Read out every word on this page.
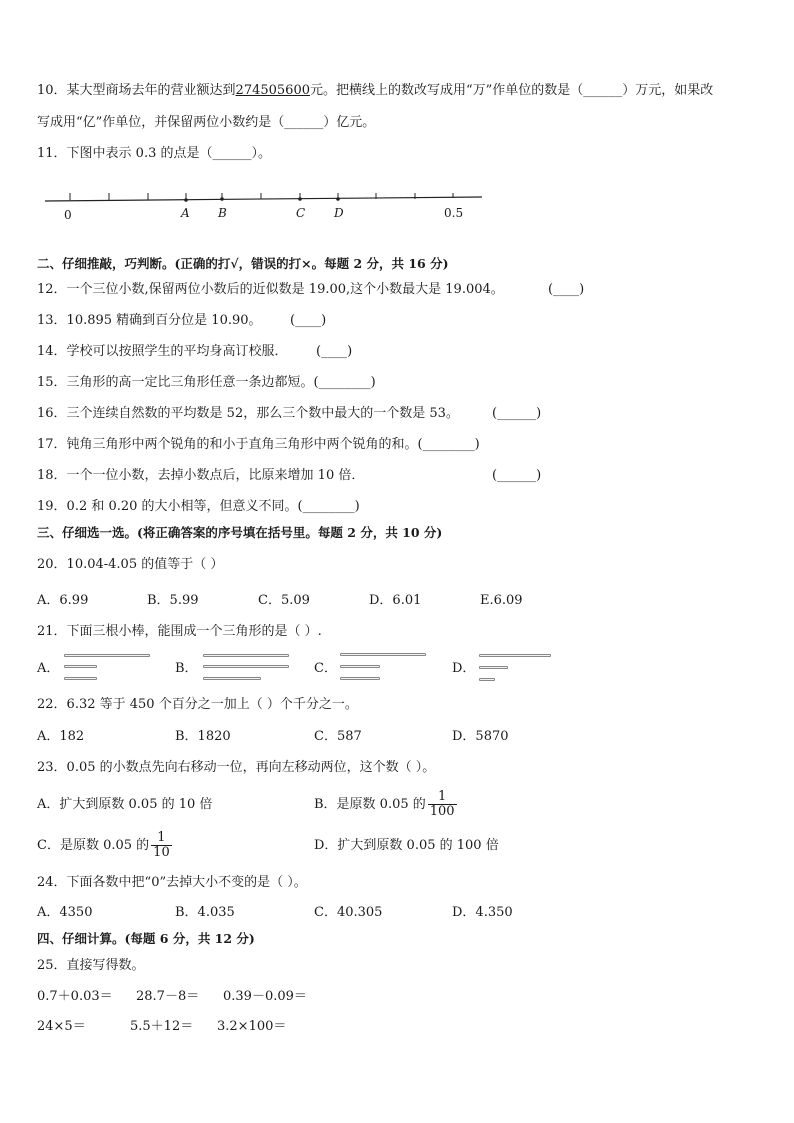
10．某大型商场去年的营业额达到274505600元。把横线上的数改写成用“万”作单位的数是（______）万元，如果改
写成用“亿”作单位，并保留两位小数约是（______）亿元。
11．下图中表示 0.3 的点是（______）。
0	A B	C D	0.5
二、仔细推敲，巧判断。(正确的打√，错误的打×。每题 2 分，共 16 分)
12．一个三位小数,保留两位小数后的近似数是 19.00,这个小数最大是 19.004。	(____)
13．10.895 精确到百分位是 10.90。 (____)
14．学校可以按照学生的平均身高订校服． (____)
15．三角形的高一定比三角形任意一条边都短。(________)
16．三个连续自然数的平均数是 52，那么三个数中最大的一个数是 53。	(______)
17．钝角三角形中两个锐角的和小于直角三角形中两个锐角的和。(________)
18．一个一位小数，去掉小数点后，比原来增加 10 倍．	(______)
19．0.2 和 0.20 的大小相等，但意义不同。(________)
三、仔细选一选。(将正确答案的序号填在括号里。每题 2 分，共 10 分)
20．10.04-4.05 的值等于（ ）
A．6.99	B．5.99	C．5.09	D．6.01	E.6.09
21．下面三根小棒，能围成一个三角形的是（ ）.
A．	B．	C．	D．
22．6.32 等于 450 个百分之一加上（ ）个千分之一。
A．182	B．1820	C．587	D．5870
23．0.05 的小数点先向右移动一位，再向左移动两位，这个数（ ）。
A．扩大到原数 0.05 的 10 倍	B．是原数 0.05 的 $\frac{1}{100}$
C．是原数 0.05 的 $\frac{1}{10}$	D．扩大到原数 0.05 的 100 倍
24．下面各数中把“0”去掉大小不变的是（ ）。
A．4350	B．4.035	C．40.305	D．4.350
四、仔细计算。(每题 6 分，共 12 分)
25．直接写得数。
0.7＋0.03＝ 28.7－8＝ 0.39－0.09＝
24×5＝	5.5＋12＝ 3.2×100＝
